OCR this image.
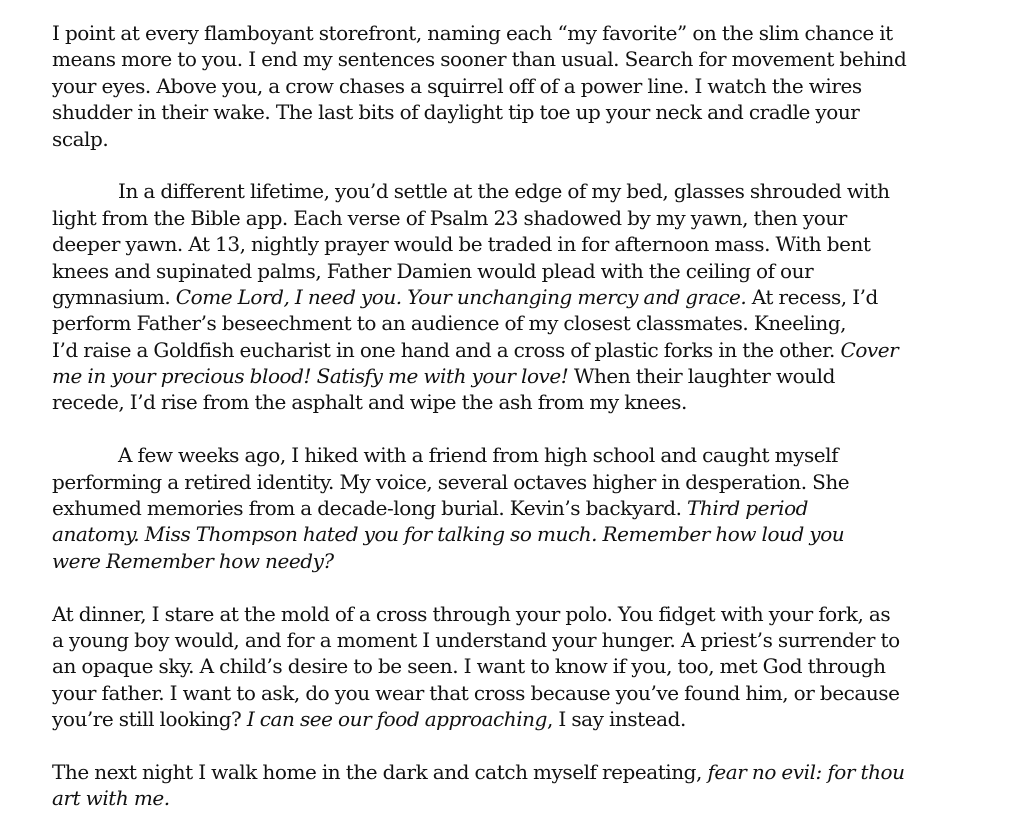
I point at every flamboyant storefront, naming each “my favorite” on the slim chance it
means more to you. I end my sentences sooner than usual. Search for movement behind
your eyes. Above you, a crow chases a squirrel off of a power line. I watch the wires
shudder in their wake. The last bits of daylight tip toe up your neck and cradle your
scalp.
In a different lifetime, you’d settle at the edge of my bed, glasses shrouded with
light from the Bible app. Each verse of Psalm 23 shadowed by my yawn, then your
deeper yawn. At 13, nightly prayer would be traded in for afternoon mass. With bent
knees and supinated palms, Father Damien would plead with the ceiling of our
gymnasium. Come Lord, I need you. Your unchanging mercy and grace. At recess, I’d
perform Father’s beseechment to an audience of my closest classmates. Kneeling,
I’d raise a Goldfish eucharist in one hand and a cross of plastic forks in the other. Cover
me in your precious blood! Satisfy me with your love! When their laughter would
recede, I’d rise from the asphalt and wipe the ash from my knees.
A few weeks ago, I hiked with a friend from high school and caught myself
performing a retired identity. My voice, several octaves higher in desperation. She
exhumed memories from a decade-long burial. Kevin’s backyard. Third period
anatomy. Miss Thompson hated you for talking so much. Remember how loud you
were Remember how needy?
At dinner, I stare at the mold of a cross through your polo. You fidget with your fork, as
a young boy would, and for a moment I understand your hunger. A priest’s surrender to
an opaque sky. A child’s desire to be seen. I want to know if you, too, met God through
your father. I want to ask, do you wear that cross because you’ve found him, or because
you’re still looking? I can see our food approaching, I say instead.
The next night I walk home in the dark and catch myself repeating, fear no evil: for thou
art with me.
